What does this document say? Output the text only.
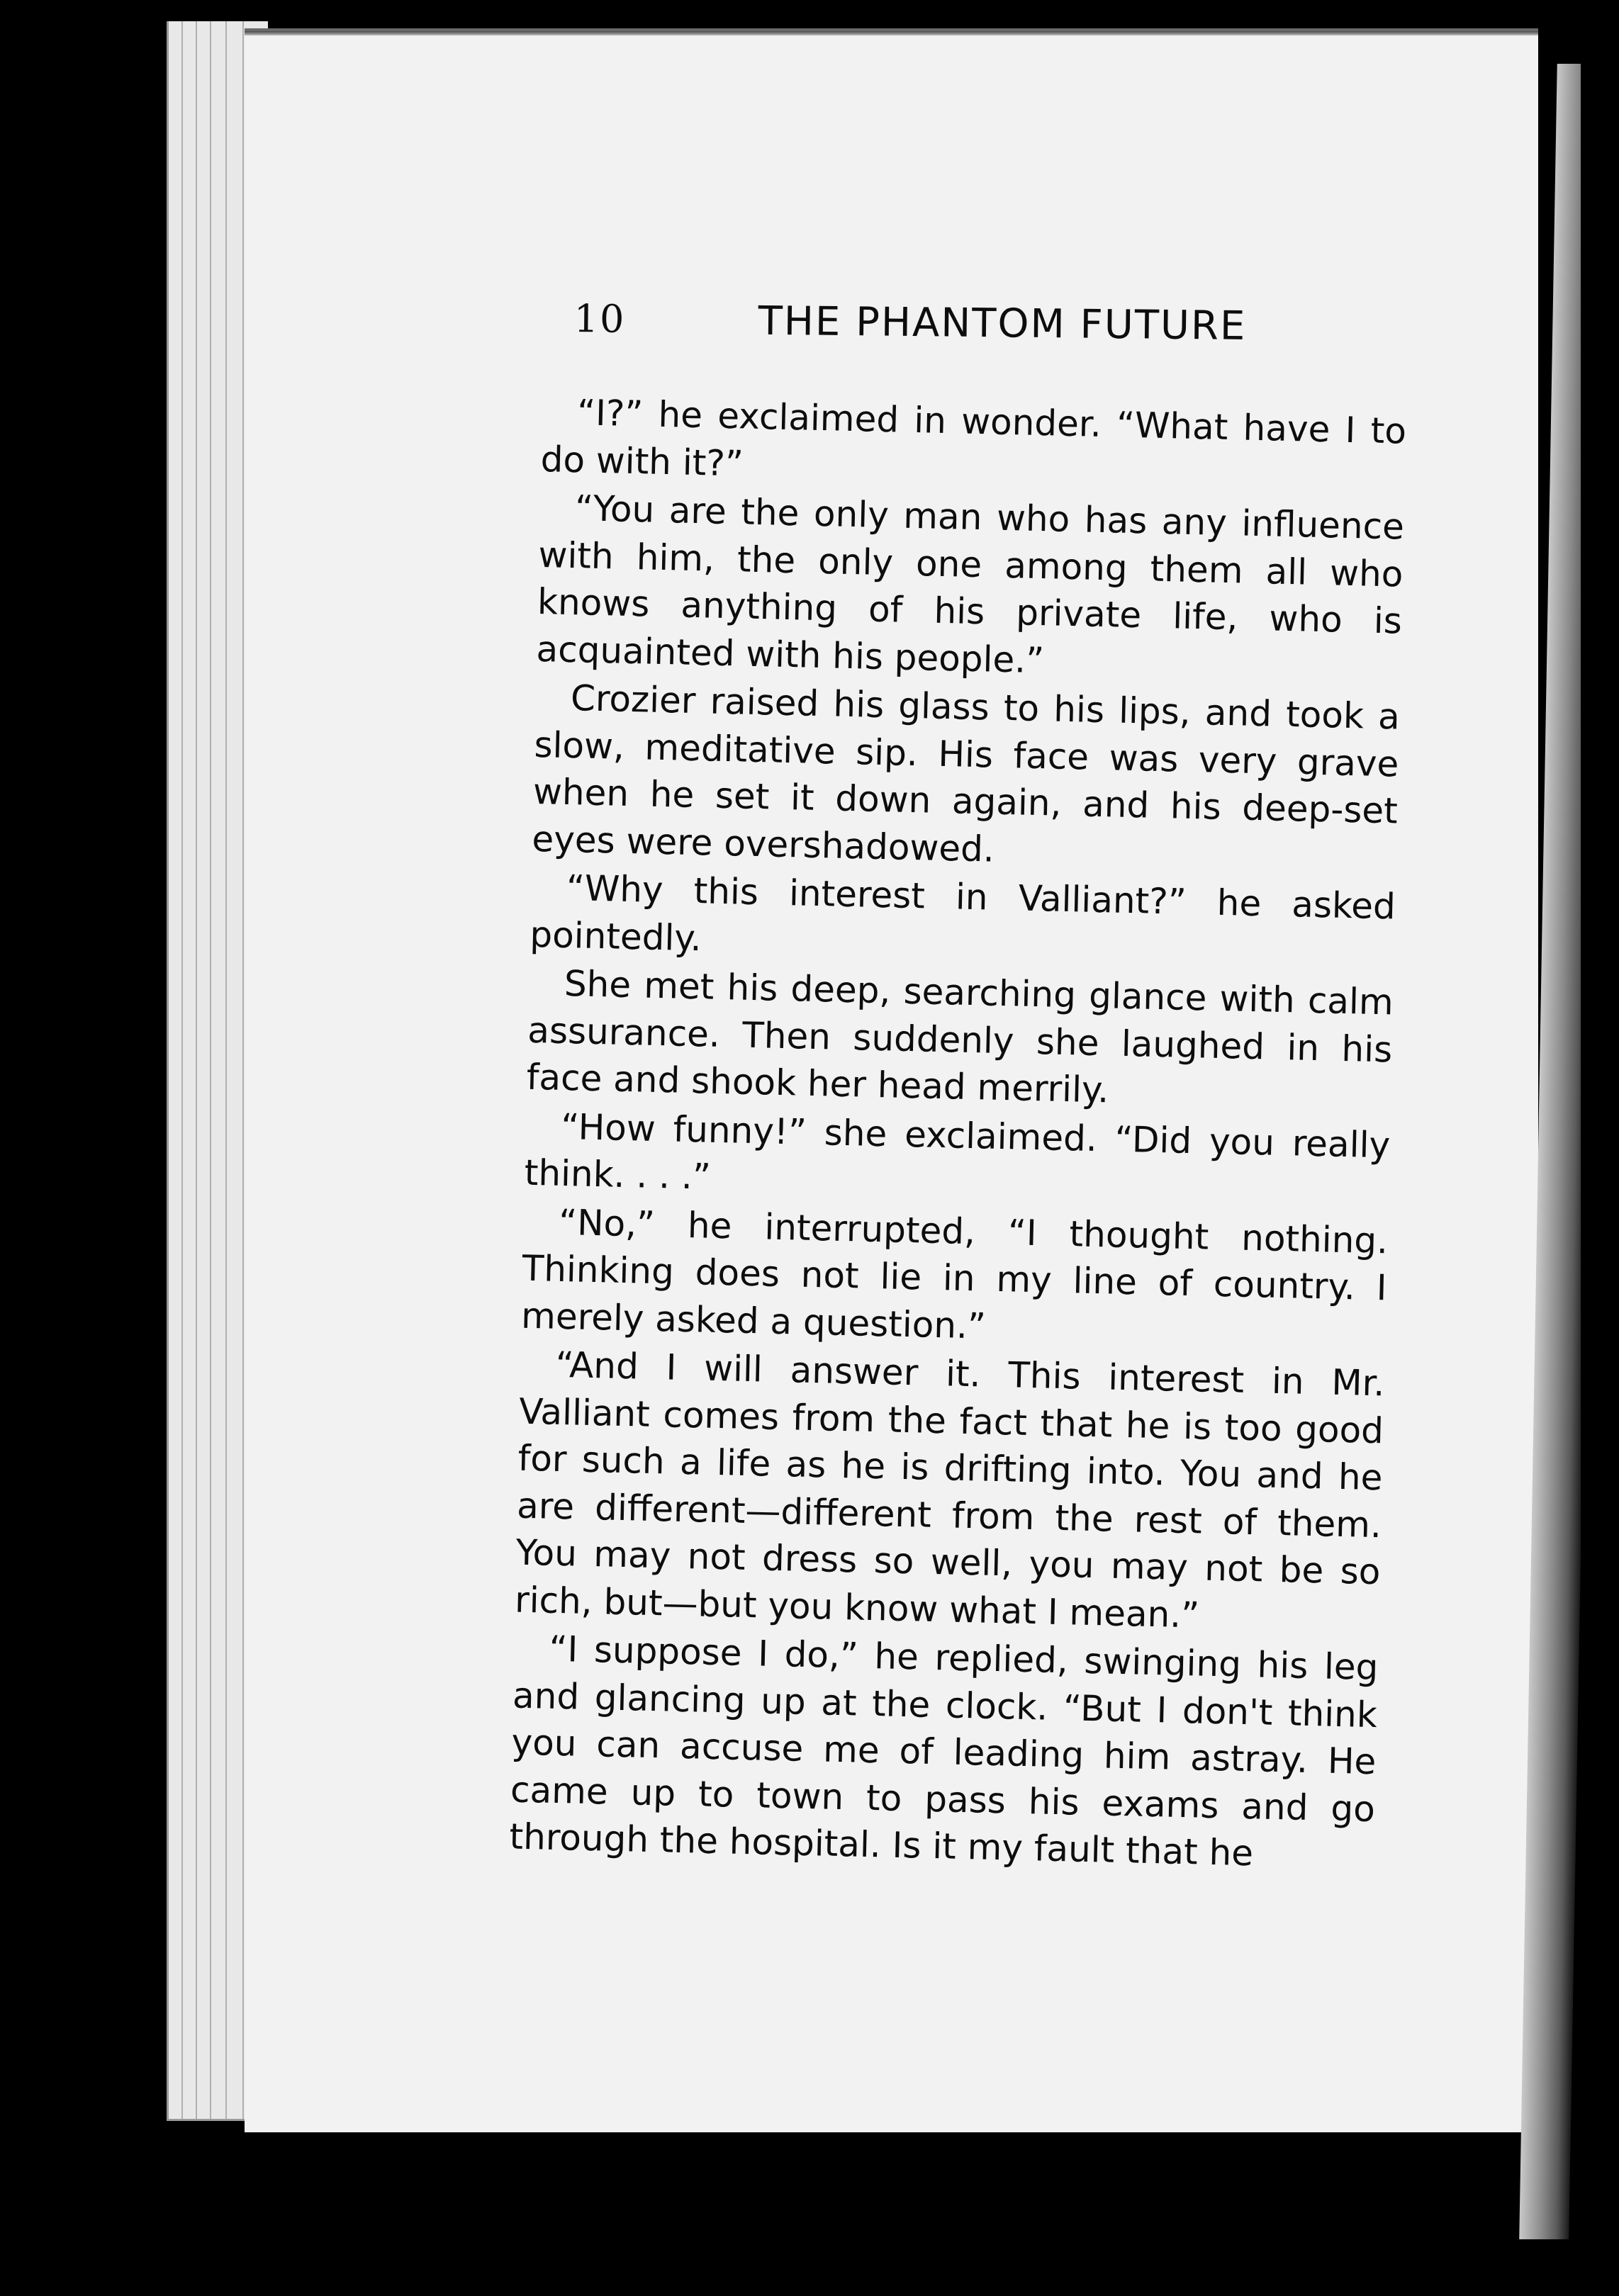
10	THE PHANTOM FUTURE

“I?” he exclaimed in wonder. “What have I to do with it?”

“You are the only man who has any influence with him, the only one among them all who knows anything of his private life, who is acquainted with his people.”

Crozier raised his glass to his lips, and took a slow, meditative sip. His face was very grave when he set it down again, and his deep-set eyes were overshadowed.

“Why this interest in Valliant?” he asked pointedly.

She met his deep, searching glance with calm assurance. Then suddenly she laughed in his face and shook her head merrily.

“How funny!” she exclaimed. “Did you really think. . . .”

“No,” he interrupted, “I thought nothing. Thinking does not lie in my line of country. I merely asked a question.”

“And I will answer it. This interest in Mr. Valliant comes from the fact that he is too good for such a life as he is drifting into. You and he are different—different from the rest of them. You may not dress so well, you may not be so rich, but—but you know what I mean.”

“I suppose I do,” he replied, swinging his leg and glancing up at the clock. “But I don't think you can accuse me of leading him astray. He came up to town to pass his exams and go through the hospital. Is it my fault that he
